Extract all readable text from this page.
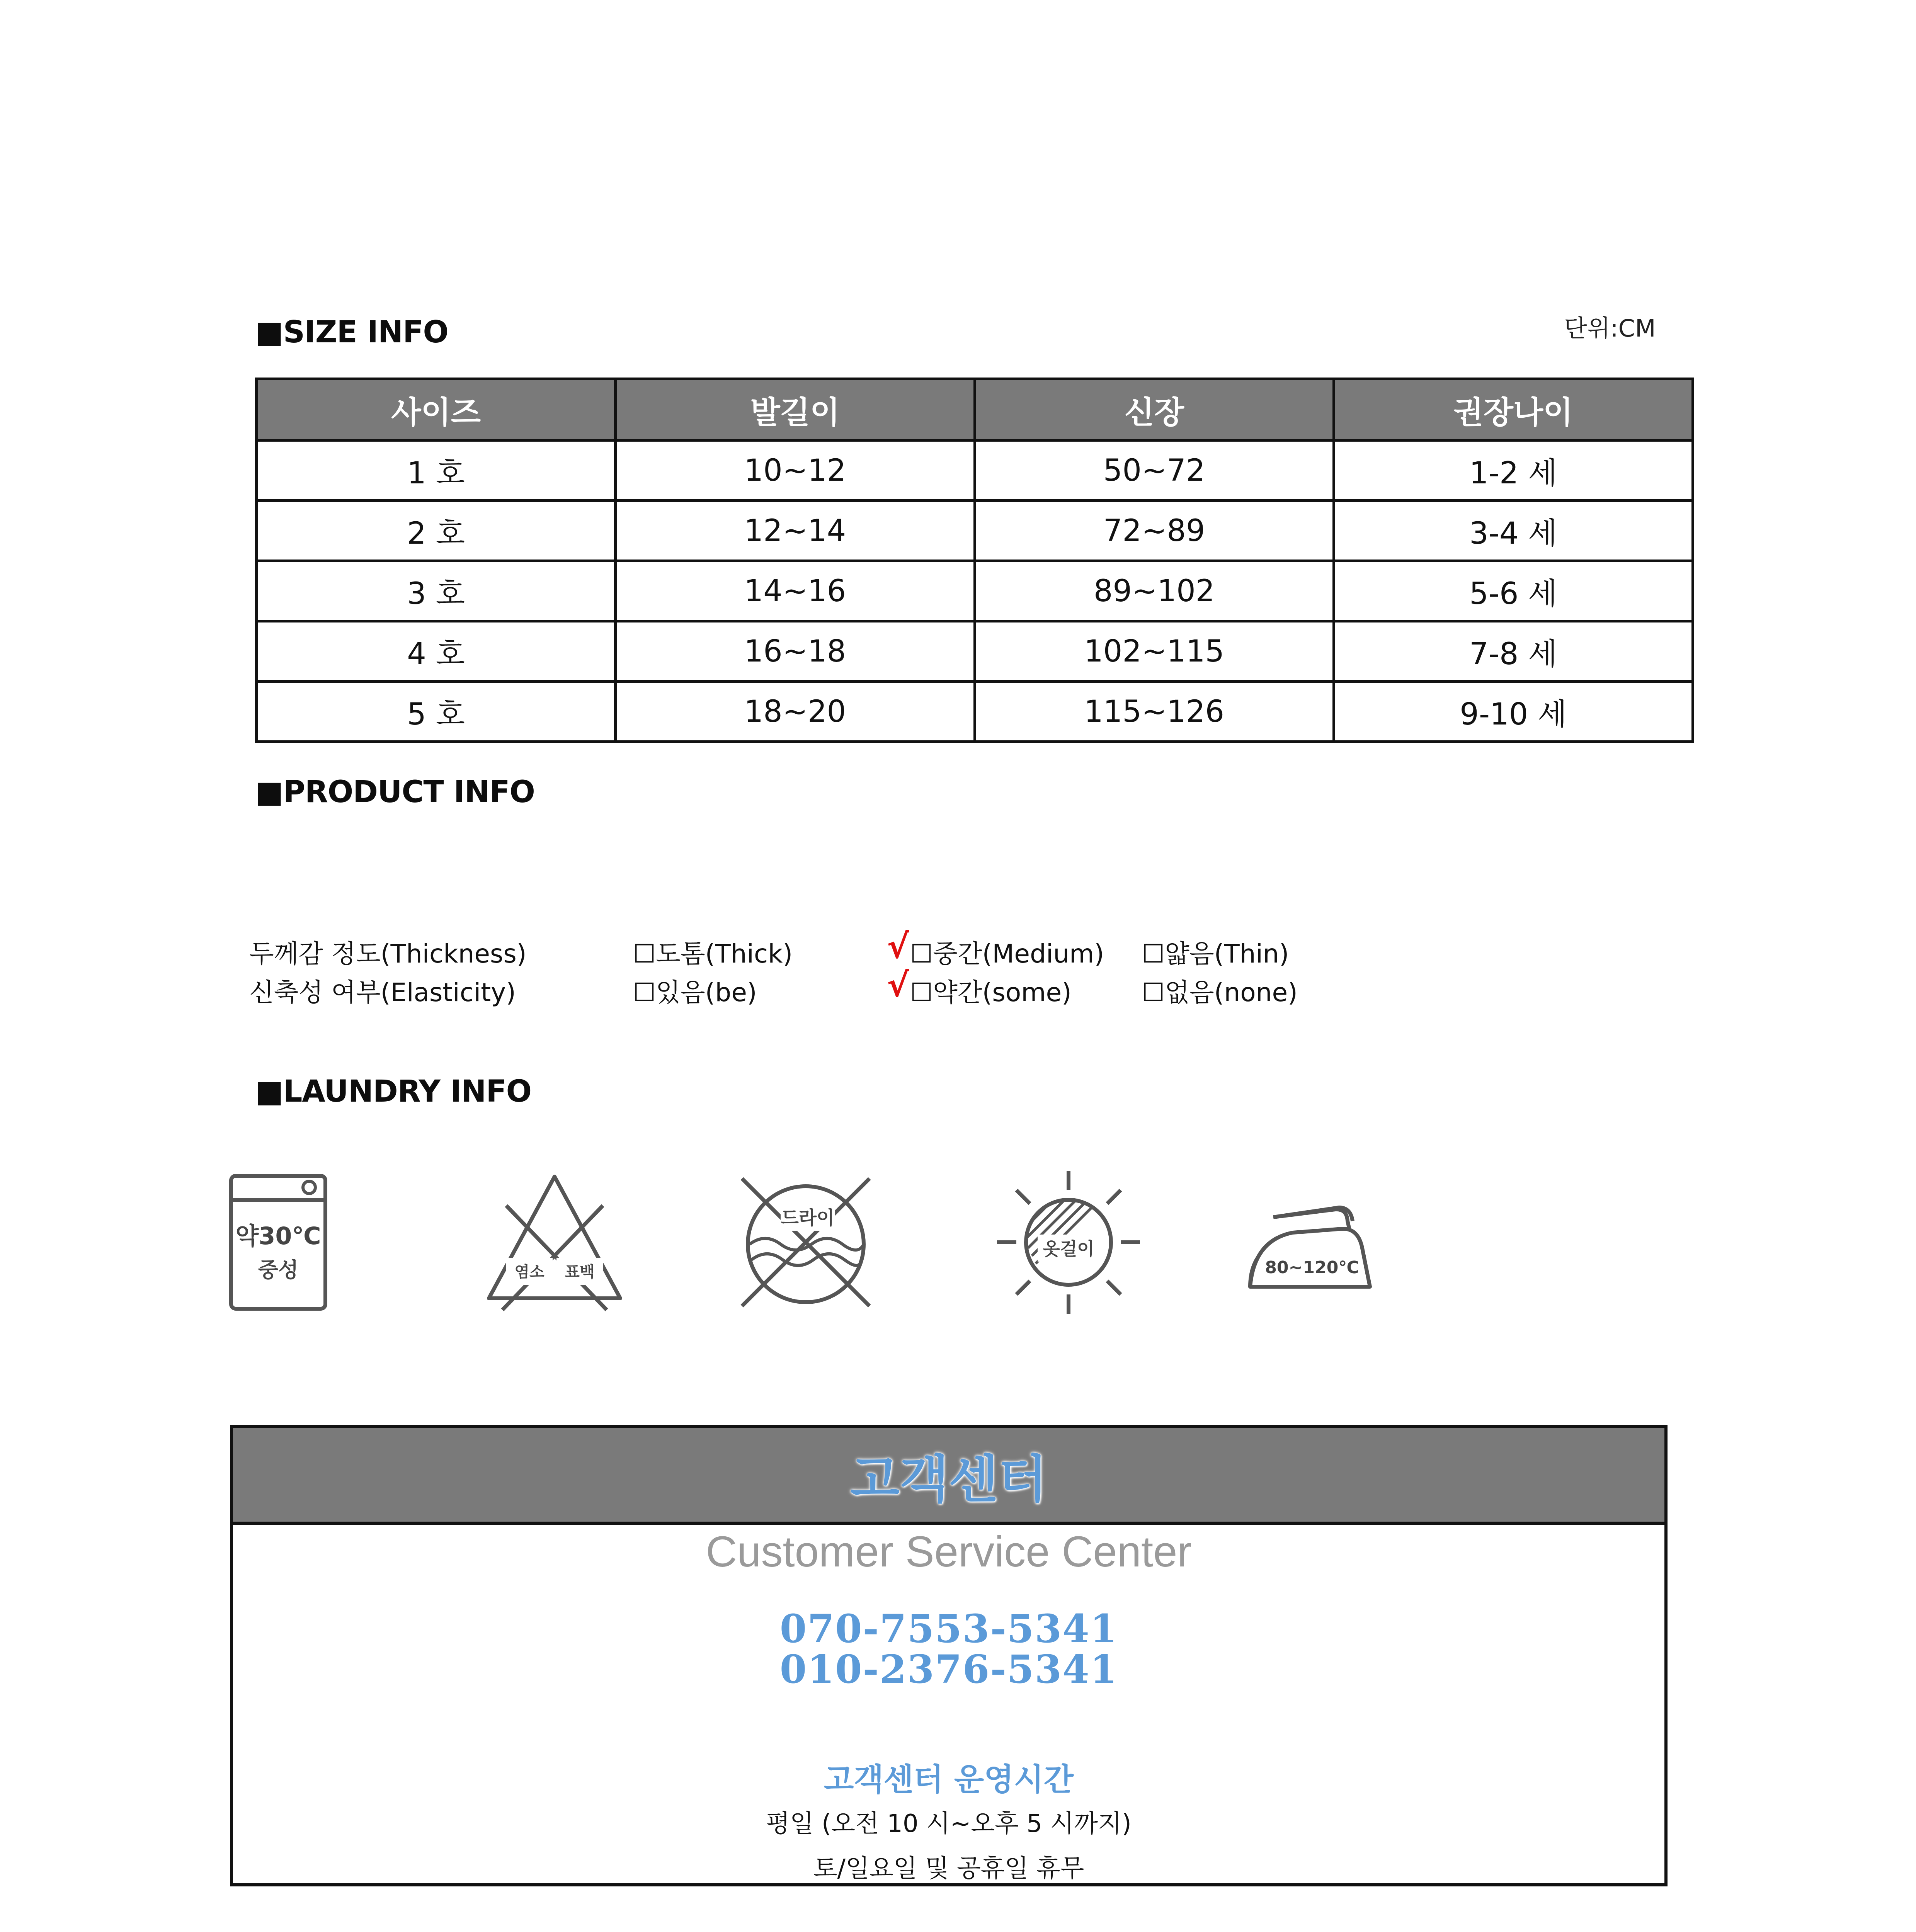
■SIZE INFO	단위:CM
사이즈	발길이	신장	권장나이
1 호	10~12	50~72	1-2 세
2 호	12~14	72~89	3-4 세
3 호	14~16	89~102	5-6 세
4 호	16~18	102~115	7-8 세
5 호	18~20	115~126	9-10 세
■PRODUCT INFO
두께감 정도(Thickness)	☐도톰(Thick)	√ ☐중간(Medium) ☐얇음(Thin)
신축성 여부(Elasticity)	☐있음(be)	√ ☐약간(some)	☐없음(none)
■LAUNDRY INFO
약30℃
중성	염소 표백
드라이
옷걸이
80~120℃
고객센터
Customer Service Center
070-7553-5341
010-2376-5341
고객센터 운영시간
평일 (오전 10 시~오후 5 시까지)
토/일요일 및 공휴일 휴무
